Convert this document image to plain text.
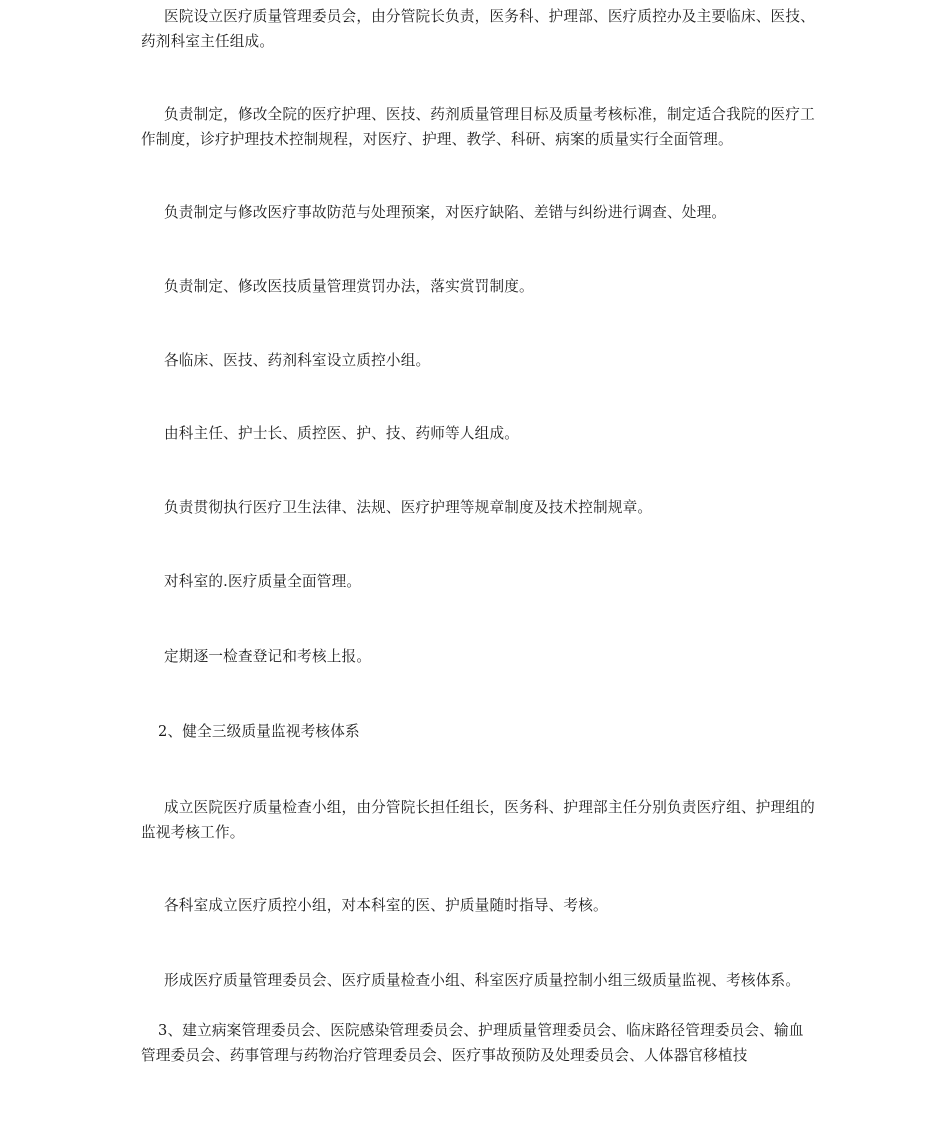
医院设立医疗质量管理委员会，由分管院长负责，医务科、护理部、医疗质控办及主要临床、医技、药剂科室主任组成。

负责制定，修改全院的医疗护理、医技、药剂质量管理目标及质量考核标准，制定适合我院的医疗工作制度，诊疗护理技术控制规程，对医疗、护理、教学、科研、病案的质量实行全面管理。

负责制定与修改医疗事故防范与处理预案，对医疗缺陷、差错与纠纷进行调查、处理。

负责制定、修改医技质量管理赏罚办法，落实赏罚制度。

各临床、医技、药剂科室设立质控小组。

由科主任、护士长、质控医、护、技、药师等人组成。

负责贯彻执行医疗卫生法律、法规、医疗护理等规章制度及技术控制规章。

对科室的.医疗质量全面管理。

定期逐一检查登记和考核上报。

2、健全三级质量监视考核体系

成立医院医疗质量检查小组，由分管院长担任组长，医务科、护理部主任分别负责医疗组、护理组的监视考核工作。

各科室成立医疗质控小组，对本科室的医、护质量随时指导、考核。

形成医疗质量管理委员会、医疗质量检查小组、科室医疗质量控制小组三级质量监视、考核体系。

3、建立病案管理委员会、医院感染管理委员会、护理质量管理委员会、临床路径管理委员会、输血管理委员会、药事管理与药物治疗管理委员会、医疗事故预防及处理委员会、人体器官移植技
